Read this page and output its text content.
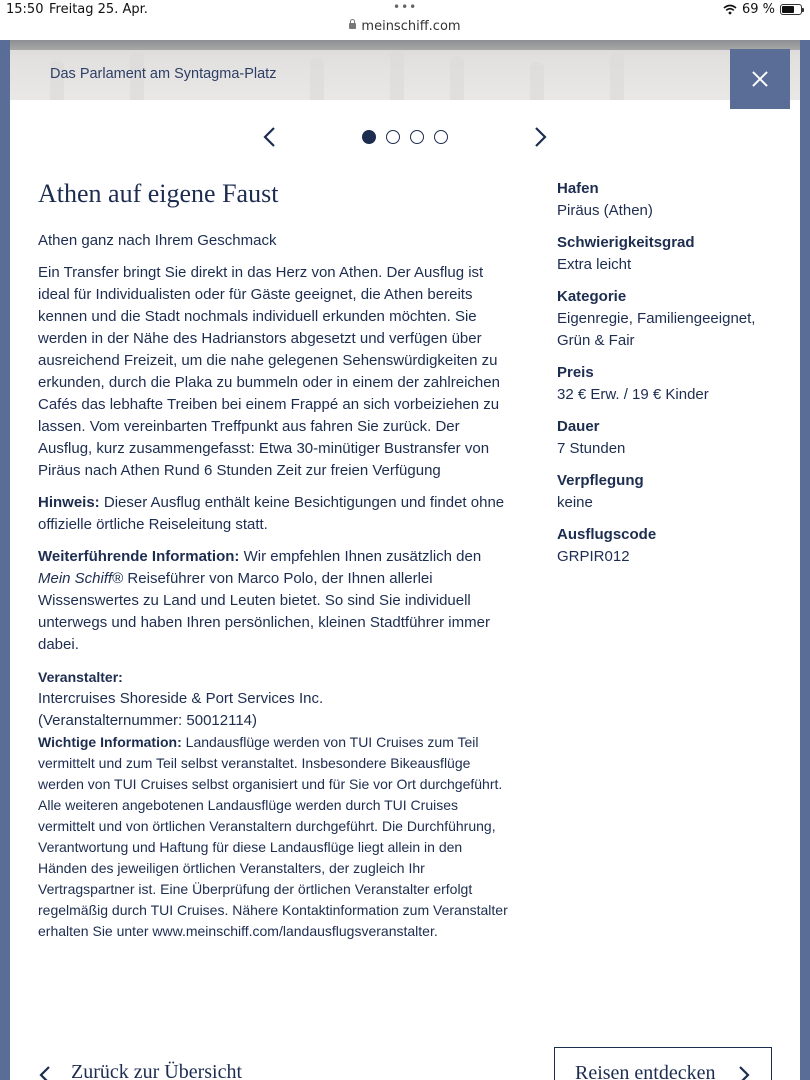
15:50 Freitag 25. Apr.	•••
meinschiff.com
69 %
Das Parlament am Syntagma-Platz
Athen auf eigene Faust
Athen ganz nach Ihrem Geschmack
Ein Transfer bringt Sie direkt in das Herz von Athen. Der Ausflug ist ideal für Individualisten oder für Gäste geeignet, die Athen bereits kennen und die Stadt nochmals individuell erkunden möchten. Sie werden in der Nähe des Hadrianstors abgesetzt und verfügen über ausreichend Freizeit, um die nahe gelegenen Sehenswürdigkeiten zu erkunden, durch die Plaka zu bummeln oder in einem der zahlreichen Cafés das lebhafte Treiben bei einem Frappé an sich vorbeiziehen zu lassen. Vom vereinbarten Treffpunkt aus fahren Sie zurück. Der Ausflug, kurz zusammengefasst: Etwa 30-minütiger Bustransfer von Piräus nach Athen Rund 6 Stunden Zeit zur freien Verfügung
Hinweis: Dieser Ausflug enthält keine Besichtigungen und findet ohne offizielle örtliche Reiseleitung statt.
Weiterführende Information: Wir empfehlen Ihnen zusätzlich den Mein Schiff® Reiseführer von Marco Polo, der Ihnen allerlei Wissenswertes zu Land und Leuten bietet. So sind Sie individuell unterwegs und haben Ihren persönlichen, kleinen Stadtführer immer dabei.
Veranstalter:
Intercruises Shoreside & Port Services Inc.
(Veranstalternummer: 50012114)
Wichtige Information: Landausflüge werden von TUI Cruises zum Teil vermittelt und zum Teil selbst veranstaltet. Insbesondere Bikeausflüge werden von TUI Cruises selbst organisiert und für Sie vor Ort durchgeführt. Alle weiteren angebotenen Landausflüge werden durch TUI Cruises vermittelt und von örtlichen Veranstaltern durchgeführt. Die Durchführung, Verantwortung und Haftung für diese Landausflüge liegt allein in den Händen des jeweiligen örtlichen Veranstalters, der zugleich Ihr Vertragspartner ist. Eine Überprüfung der örtlichen Veranstalter erfolgt regelmäßig durch TUI Cruises. Nähere Kontaktinformation zum Veranstalter erhalten Sie unter www.meinschiff.com/landausflugsveranstalter.
Hafen
Piräus (Athen)
Schwierigkeitsgrad
Extra leicht
Kategorie
Eigenregie, Familiengeeignet, Grün & Fair
Preis
32 € Erw. / 19 € Kinder
Dauer
7 Stunden
Verpflegung
keine
Ausflugscode
GRPIR012
Zurück zur Übersicht	Reisen entdecken
